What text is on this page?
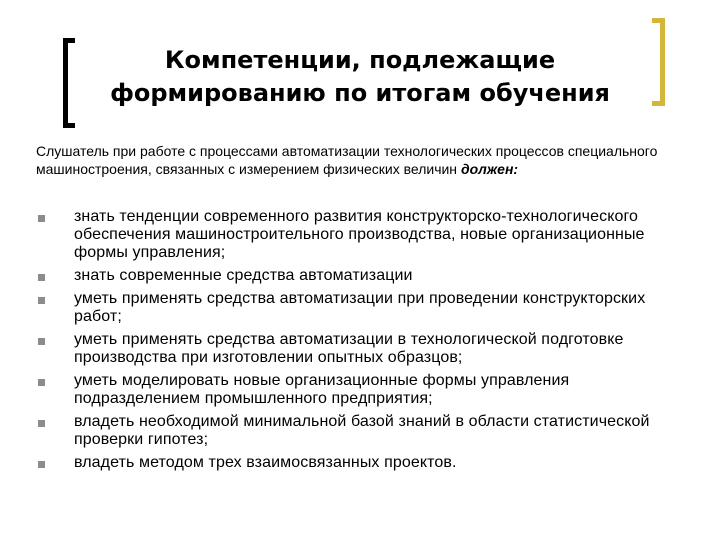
Компетенции, подлежащие
формированию по итогам обучения
Слушатель при работе с процессами автоматизации технологических процессов специального машиностроения, связанных с измерением физических величин должен:
знать тенденции современного развития конструкторско-технологического обеспечения машиностроительного производства, новые организационные формы управления;
знать современные средства автоматизации
уметь применять средства автоматизации при проведении конструкторских работ;
уметь применять средства автоматизации в технологической подготовке производства при изготовлении опытных образцов;
уметь моделировать новые организационные формы управления подразделением промышленного предприятия;
владеть необходимой минимальной базой знаний в области статистической проверки гипотез;
владеть методом трех взаимосвязанных проектов.
